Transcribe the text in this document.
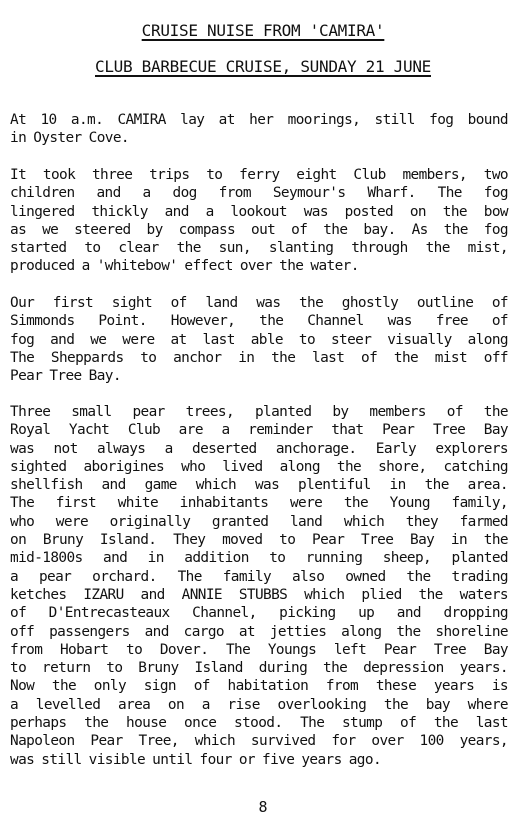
CRUISE NUISE FROM 'CAMIRA'
CLUB BARBECUE CRUISE, SUNDAY 21 JUNE
At 10 a.m. CAMIRA lay at her moorings, still fog bound
in Oyster Cove.
It took three trips to ferry eight Club members, two
children and a dog from Seymour's Wharf. The fog
lingered thickly and a lookout was posted on the bow
as we steered by compass out of the bay. As the fog
started to clear the sun, slanting through the mist,
produced a 'whitebow' effect over the water.
Our first sight of land was the ghostly outline of
Simmonds Point. However, the Channel was free of
fog and we were at last able to steer visually along
The Sheppards to anchor in the last of the mist off
Pear Tree Bay.
Three small pear trees, planted by members of the
Royal Yacht Club are a reminder that Pear Tree Bay
was not always a deserted anchorage. Early explorers
sighted aborigines who lived along the shore, catching
shellfish and game which was plentiful in the area.
The first white inhabitants were the Young family,
who were originally granted land which they farmed
on Bruny Island. They moved to Pear Tree Bay in the
mid-1800s and in addition to running sheep, planted
a pear orchard. The family also owned the trading
ketches IZARU and ANNIE STUBBS which plied the waters
of D'Entrecasteaux Channel, picking up and dropping
off passengers and cargo at jetties along the shoreline
from Hobart to Dover. The Youngs left Pear Tree Bay
to return to Bruny Island during the depression years.
Now the only sign of habitation from these years is
a levelled area on a rise overlooking the bay where
perhaps the house once stood. The stump of the last
Napoleon Pear Tree, which survived for over 100 years,
was still visible until four or five years ago.
8
